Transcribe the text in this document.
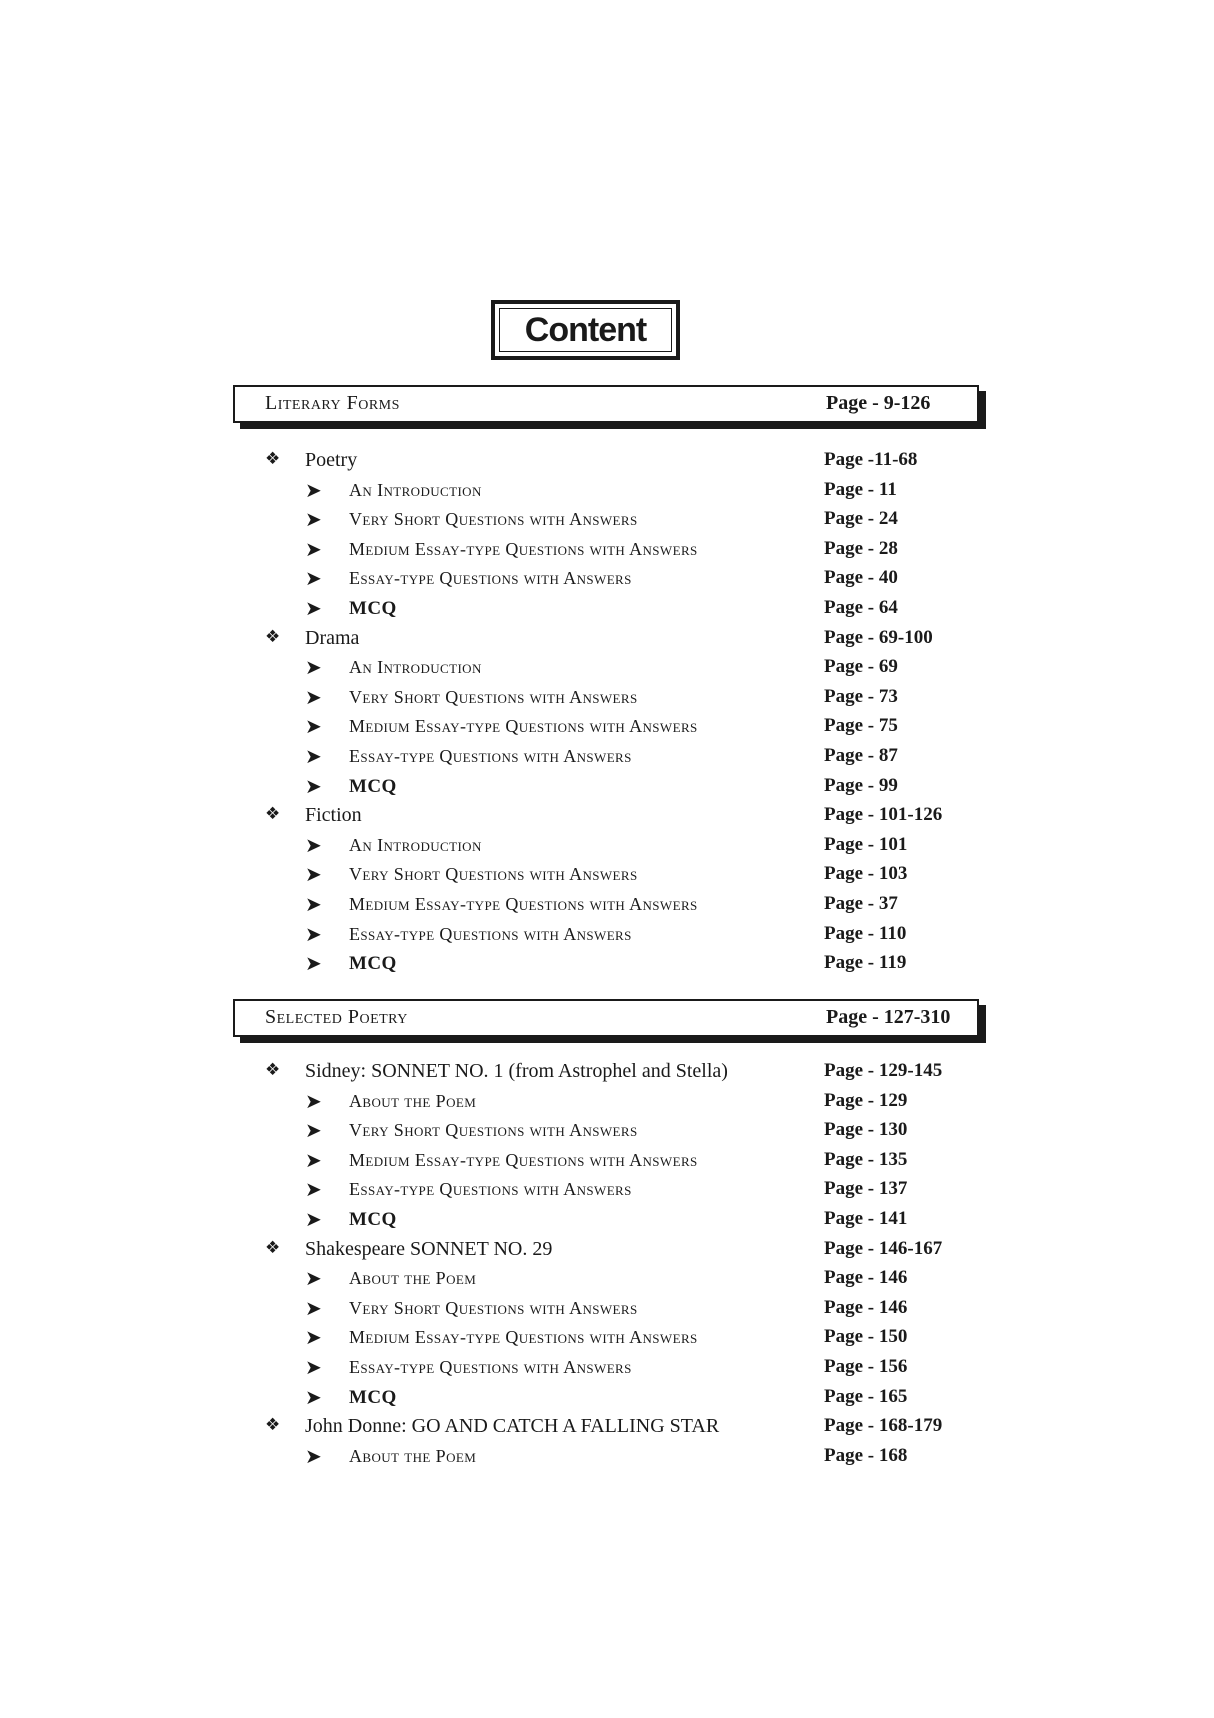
Content
Literary Forms	Page - 9-126
❖ Poetry	Page -11-68
➤ An Introduction	Page - 11
➤ Very Short Questions with Answers	Page - 24
➤ Medium Essay-type Questions with Answers	Page - 28
➤ Essay-type Questions with Answers	Page - 40
➤ MCQ	Page - 64
❖ Drama	Page - 69-100
➤ An Introduction	Page - 69
➤ Very Short Questions with Answers	Page - 73
➤ Medium Essay-type Questions with Answers	Page - 75
➤ Essay-type Questions with Answers	Page - 87
➤ MCQ	Page - 99
❖ Fiction	Page - 101-126
➤ An Introduction	Page - 101
➤ Very Short Questions with Answers	Page - 103
➤ Medium Essay-type Questions with Answers	Page - 37
➤ Essay-type Questions with Answers	Page - 110
➤ MCQ	Page - 119
Selected Poetry	Page - 127-310
❖ Sidney: SONNET NO. 1 (from Astrophel and Stella)	Page - 129-145
➤ About the Poem	Page - 129
➤ Very Short Questions with Answers	Page - 130
➤ Medium Essay-type Questions with Answers	Page - 135
➤ Essay-type Questions with Answers	Page - 137
➤ MCQ	Page - 141
❖ Shakespeare SONNET NO. 29	Page - 146-167
➤ About the Poem	Page - 146
➤ Very Short Questions with Answers	Page - 146
➤ Medium Essay-type Questions with Answers	Page - 150
➤ Essay-type Questions with Answers	Page - 156
➤ MCQ	Page - 165
❖ John Donne: GO AND CATCH A FALLING STAR	Page - 168-179
➤ About the Poem	Page - 168
